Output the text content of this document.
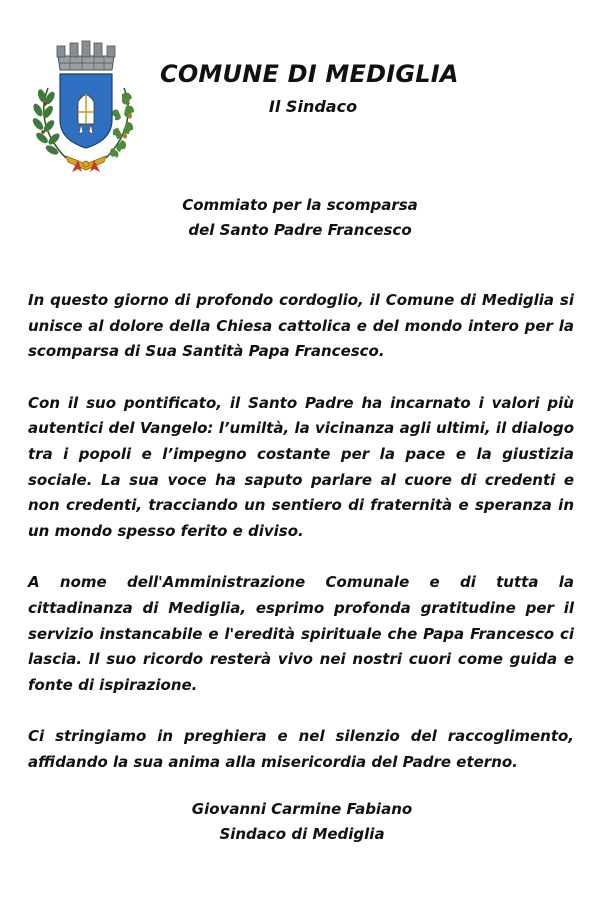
COMUNE DI MEDIGLIA
Il Sindaco
Commiato per la scomparsa
del Santo Padre Francesco

In questo giorno di profondo cordoglio, il Comune di Mediglia si unisce al dolore della Chiesa cattolica e del mondo intero per la scomparsa di Sua Santità Papa Francesco.

Con il suo pontificato, il Santo Padre ha incarnato i valori più autentici del Vangelo: l’umiltà, la vicinanza agli ultimi, il dialogo tra i popoli e l’impegno costante per la pace e la giustizia sociale. La sua voce ha saputo parlare al cuore di credenti e non credenti, tracciando un sentiero di fraternità e speranza in un mondo spesso ferito e diviso.

A nome dell'Amministrazione Comunale e di tutta la cittadinanza di Mediglia, esprimo profonda gratitudine per il servizio instancabile e l'eredità spirituale che Papa Francesco ci lascia. Il suo ricordo resterà vivo nei nostri cuori come guida e fonte di ispirazione.

Ci stringiamo in preghiera e nel silenzio del raccoglimento, affidando la sua anima alla misericordia del Padre eterno.

Giovanni Carmine Fabiano
Sindaco di Mediglia
